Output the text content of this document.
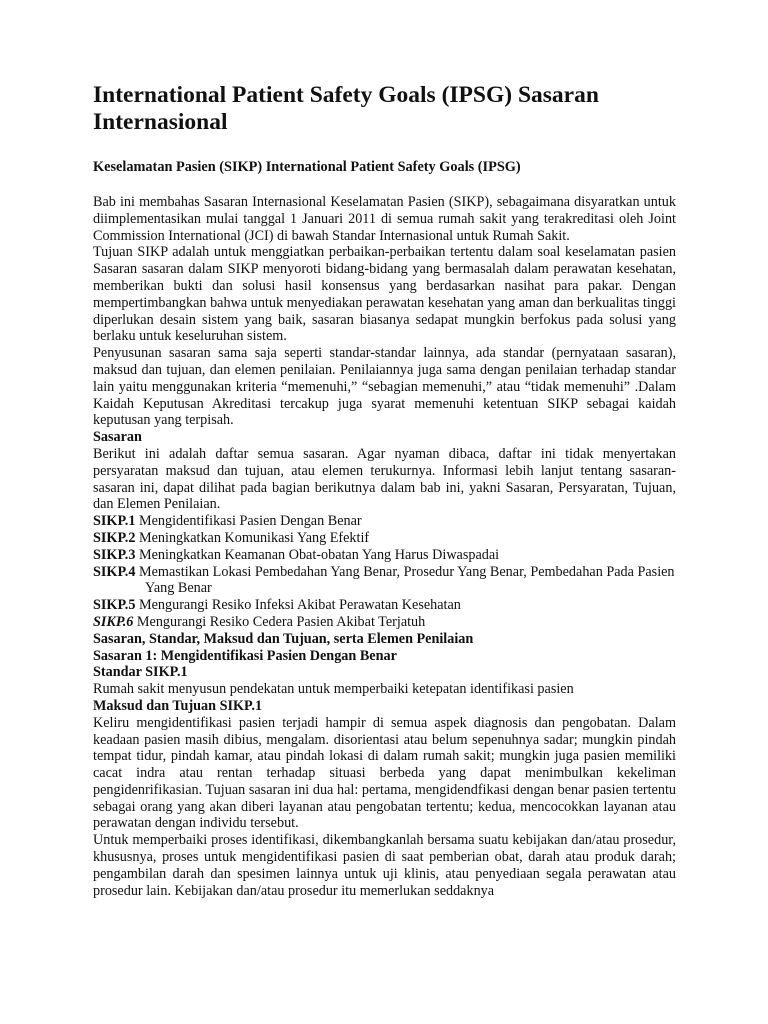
International Patient Safety Goals (IPSG) Sasaran Internasional
Keselamatan Pasien (SIKP) International Patient Safety Goals (IPSG)

Bab ini membahas Sasaran Internasional Keselamatan Pasien (SIKP), sebagaimana disyaratkan untuk diimplementasikan mulai tanggal 1 Januari 2011 di semua rumah sakit yang terakreditasi oleh Joint Commission International (JCI) di bawah Standar Internasional untuk Rumah Sakit.

Tujuan SIKP adalah untuk menggiatkan perbaikan-perbaikan tertentu dalam soal keselamatan pasien Sasaran sasaran dalam SIKP menyoroti bidang-bidang yang bermasalah dalam perawatan kesehatan, memberikan bukti dan solusi hasil konsensus yang berdasarkan nasihat para pakar. Dengan mempertimbangkan bahwa untuk menyediakan perawatan kesehatan yang aman dan berkualitas tinggi diperlukan desain sistem yang baik, sasaran biasanya sedapat mungkin berfokus pada solusi yang berlaku untuk keseluruhan sistem.

Penyusunan sasaran sama saja seperti standar-standar lainnya, ada standar (pernyataan sasaran), maksud dan tujuan, dan elemen penilaian. Penilaiannya juga sama dengan penilaian terhadap standar lain yaitu menggunakan kriteria “memenuhi,” “sebagian memenuhi,” atau “tidak memenuhi” .Dalam Kaidah Keputusan Akreditasi tercakup juga syarat memenuhi ketentuan SIKP sebagai kaidah keputusan yang terpisah.

Sasaran

Berikut ini adalah daftar semua sasaran. Agar nyaman dibaca, daftar ini tidak menyertakan persyaratan maksud dan tujuan, atau elemen terukurnya. Informasi lebih lanjut tentang sasaran-sasaran ini, dapat dilihat pada bagian berikutnya dalam bab ini, yakni Sasaran, Persyaratan, Tujuan, dan Elemen Penilaian.

SIKP.1 Mengidentifikasi Pasien Dengan Benar

SIKP.2 Meningkatkan Komunikasi Yang Efektif

SIKP.3 Meningkatkan Keamanan Obat-obatan Yang Harus Diwaspadai

SIKP.4 Memastikan Lokasi Pembedahan Yang Benar, Prosedur Yang Benar, Pembedahan Pada Pasien

Yang Benar

SIKP.5 Mengurangi Resiko Infeksi Akibat Perawatan Kesehatan

SIKP.6 Mengurangi Resiko Cedera Pasien Akibat Terjatuh

Sasaran, Standar, Maksud dan Tujuan, serta Elemen Penilaian

Sasaran 1: Mengidentifikasi Pasien Dengan Benar

Standar SIKP.1

Rumah sakit menyusun pendekatan untuk memperbaiki ketepatan identifikasi pasien

Maksud dan Tujuan SIKP.1

Keliru mengidentifikasi pasien terjadi hampir di semua aspek diagnosis dan pengobatan. Dalam keadaan pasien masih dibius, mengalam. disorientasi atau belum sepenuhnya sadar; mungkin pindah tempat tidur, pindah kamar, atau pindah lokasi di dalam rumah sakit; mungkin juga pasien memiliki cacat indra atau rentan terhadap situasi berbeda yang dapat menimbulkan kekeliman pengidenrifikasian. Tujuan sasaran ini dua hal: pertama, mengidendfikasi dengan benar pasien tertentu sebagai orang yang akan diberi layanan atau pengobatan tertentu; kedua, mencocokkan layanan atau perawatan dengan individu tersebut.

Untuk memperbaiki proses identifikasi, dikembangkanlah bersama suatu kebijakan dan/atau prosedur, khususnya, proses untuk mengidentifikasi pasien di saat pemberian obat, darah atau produk darah; pengambilan darah dan spesimen lainnya untuk uji klinis, atau penyediaan segala perawatan atau prosedur lain. Kebijakan dan/atau prosedur itu memerlukan seddaknya
